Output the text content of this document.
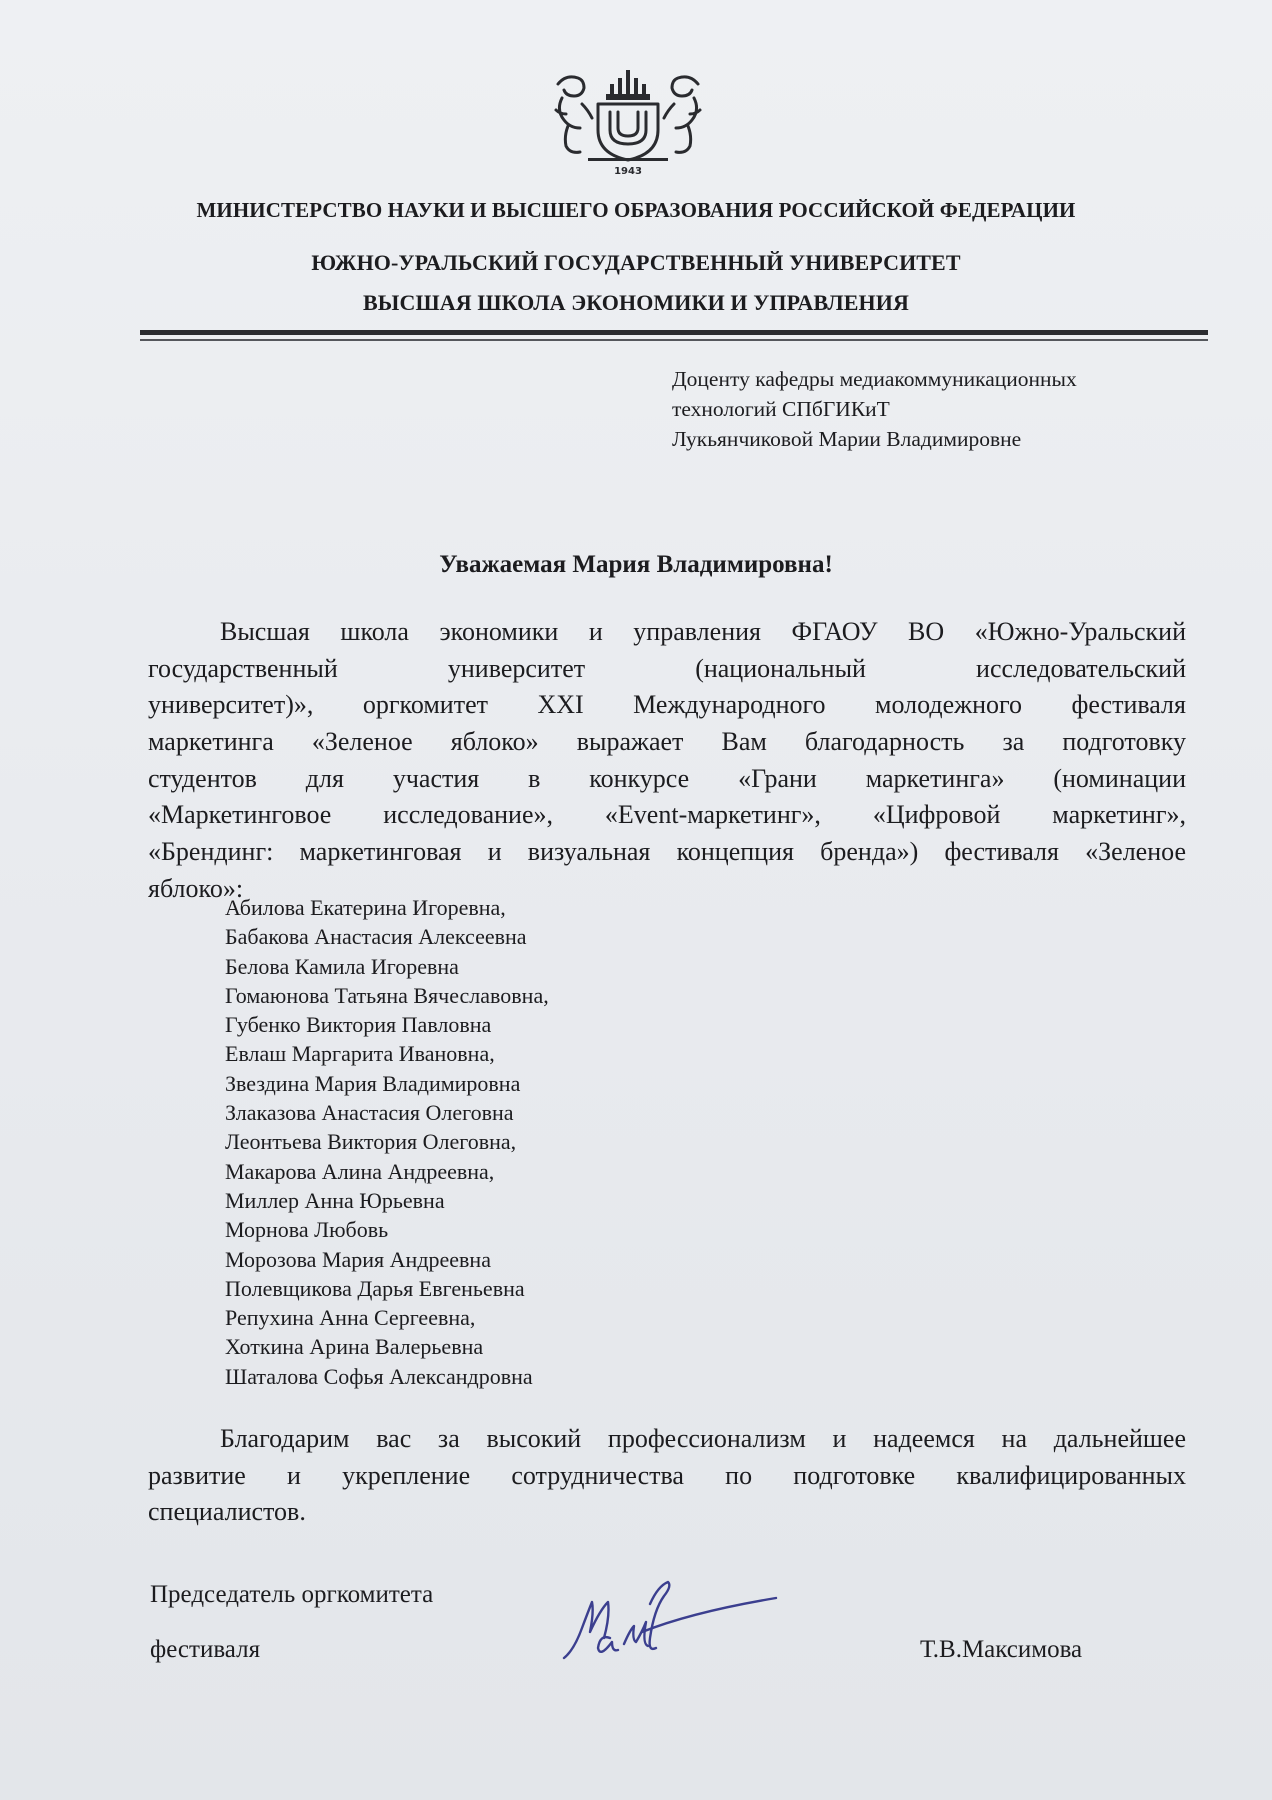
1943
МИНИСТЕРСТВО НАУКИ И ВЫСШЕГО ОБРАЗОВАНИЯ РОССИЙСКОЙ ФЕДЕРАЦИИ
ЮЖНО-УРАЛЬСКИЙ ГОСУДАРСТВЕННЫЙ УНИВЕРСИТЕТ
ВЫСШАЯ ШКОЛА ЭКОНОМИКИ И УПРАВЛЕНИЯ
Доценту кафедры медиакоммуникационных
технологий СПбГИКиТ
Лукьянчиковой Марии Владимировне
Уважаемая Мария Владимировна!
Высшая школа экономики и управления ФГАОУ ВО «Южно-Уральский
государственный университет (национальный исследовательский
университет)», оргкомитет XXI Международного молодежного фестиваля
маркетинга «Зеленое яблоко» выражает Вам благодарность за подготовку
студентов для участия в конкурсе «Грани маркетинга» (номинации
«Маркетинговое исследование», «Event-маркетинг», «Цифровой маркетинг»,
«Брендинг: маркетинговая и визуальная концепция бренда») фестиваля «Зеленое
яблоко»:
Абилова Екатерина Игоревна,
Бабакова Анастасия Алексеевна
Белова Камила Игоревна
Гомаюнова Татьяна Вячеславовна,
Губенко Виктория Павловна
Евлаш Маргарита Ивановна,
Звездина Мария Владимировна
Злаказова Анастасия Олеговна
Леонтьева Виктория Олеговна,
Макарова Алина Андреевна,
Миллер Анна Юрьевна
Морнова Любовь
Морозова Мария Андреевна
Полевщикова Дарья Евгеньевна
Репухина Анна Сергеевна,
Хоткина Арина Валерьевна
Шаталова Софья Александровна
Благодарим вас за высокий профессионализм и надеемся на дальнейшее
развитие и укрепление сотрудничества по подготовке квалифицированных
специалистов.
Председатель оргкомитета
фестиваля	Т.В.Максимова
